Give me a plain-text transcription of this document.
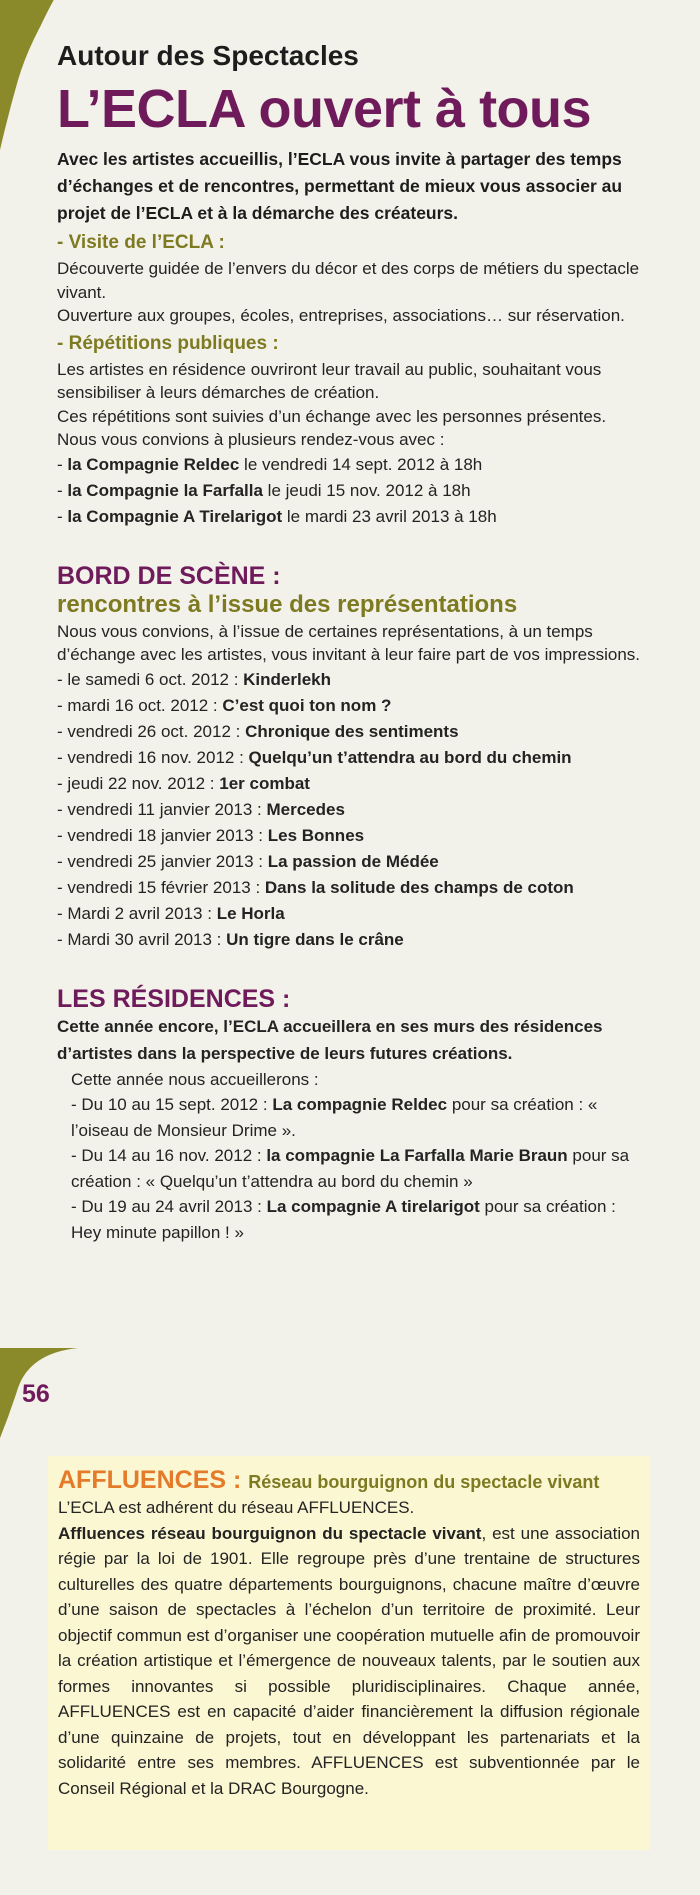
56
Autour des Spectacles
L’ECLA ouvert à tous

Avec les artistes accueillis, l’ECLA vous invite à partager des temps d’échanges et de rencontres, permettant de mieux vous associer au projet de l’ECLA et à la démarche des créateurs.

- Visite de l’ECLA :

Découverte guidée de l’envers du décor et des corps de métiers du spectacle vivant.

Ouverture aux groupes, écoles, entreprises, associations… sur réservation.

- Répétitions publiques :

Les artistes en résidence ouvriront leur travail au public, souhaitant vous sensibiliser à leurs démarches de création.

Ces répétitions sont suivies d’un échange avec les personnes présentes.

Nous vous convions à plusieurs rendez-vous avec :

- la Compagnie Reldec le vendredi 14 sept. 2012 à 18h
- la Compagnie la Farfalla le jeudi 15 nov. 2012 à 18h
- la Compagnie A Tirelarigot le mardi 23 avril 2013 à 18h
BORD DE SCÈNE :
rencontres à l’issue des représentations

Nous vous convions, à l’issue de certaines représentations, à un temps d’échange avec les artistes, vous invitant à leur faire part de vos impressions.

- le samedi 6 oct. 2012 : Kinderlekh
- mardi 16 oct. 2012 : C’est quoi ton nom ?
- vendredi 26 oct. 2012 : Chronique des sentiments
- vendredi 16 nov. 2012 : Quelqu’un t’attendra au bord du chemin
- jeudi 22 nov. 2012 : 1er combat
- vendredi 11 janvier 2013 : Mercedes
- vendredi 18 janvier 2013 : Les Bonnes
- vendredi 25 janvier 2013 : La passion de Médée
- vendredi 15 février 2013 : Dans la solitude des champs de coton
- Mardi 2 avril 2013 : Le Horla
- Mardi 30 avril 2013 : Un tigre dans le crâne
LES RÉSIDENCES :

Cette année encore, l’ECLA accueillera en ses murs des résidences d’artistes dans la perspective de leurs futures créations.

Cette année nous accueillerons :
- Du 10 au 15 sept. 2012 : La compagnie Reldec pour sa création : « l’oiseau de Monsieur Drime ».
- Du 14 au 16 nov. 2012 : la compagnie La Farfalla Marie Braun pour sa création : « Quelqu’un t’attendra au bord du chemin »
- Du 19 au 24 avril 2013 : La compagnie A tirelarigot pour sa création : Hey minute papillon ! »
AFFLUENCES : Réseau bourguignon du spectacle vivant

L’ECLA est adhérent du réseau AFFLUENCES.

Affluences réseau bourguignon du spectacle vivant, est une association régie par la loi de 1901. Elle regroupe près d’une trentaine de structures culturelles des quatre départements bourguignons, chacune maître d’œuvre d’une saison de spectacles à l’échelon d’un territoire de proximité. Leur objectif commun est d’organiser une coopération mutuelle afin de promouvoir la création artistique et l’émergence de nouveaux talents, par le soutien aux formes innovantes si possible pluridisciplinaires. Chaque année, AFFLUENCES est en capacité d’aider financièrement la diffusion régionale d’une quinzaine de projets, tout en développant les partenariats et la solidarité entre ses membres. AFFLUENCES est subventionnée par le Conseil Régional et la DRAC Bourgogne.
